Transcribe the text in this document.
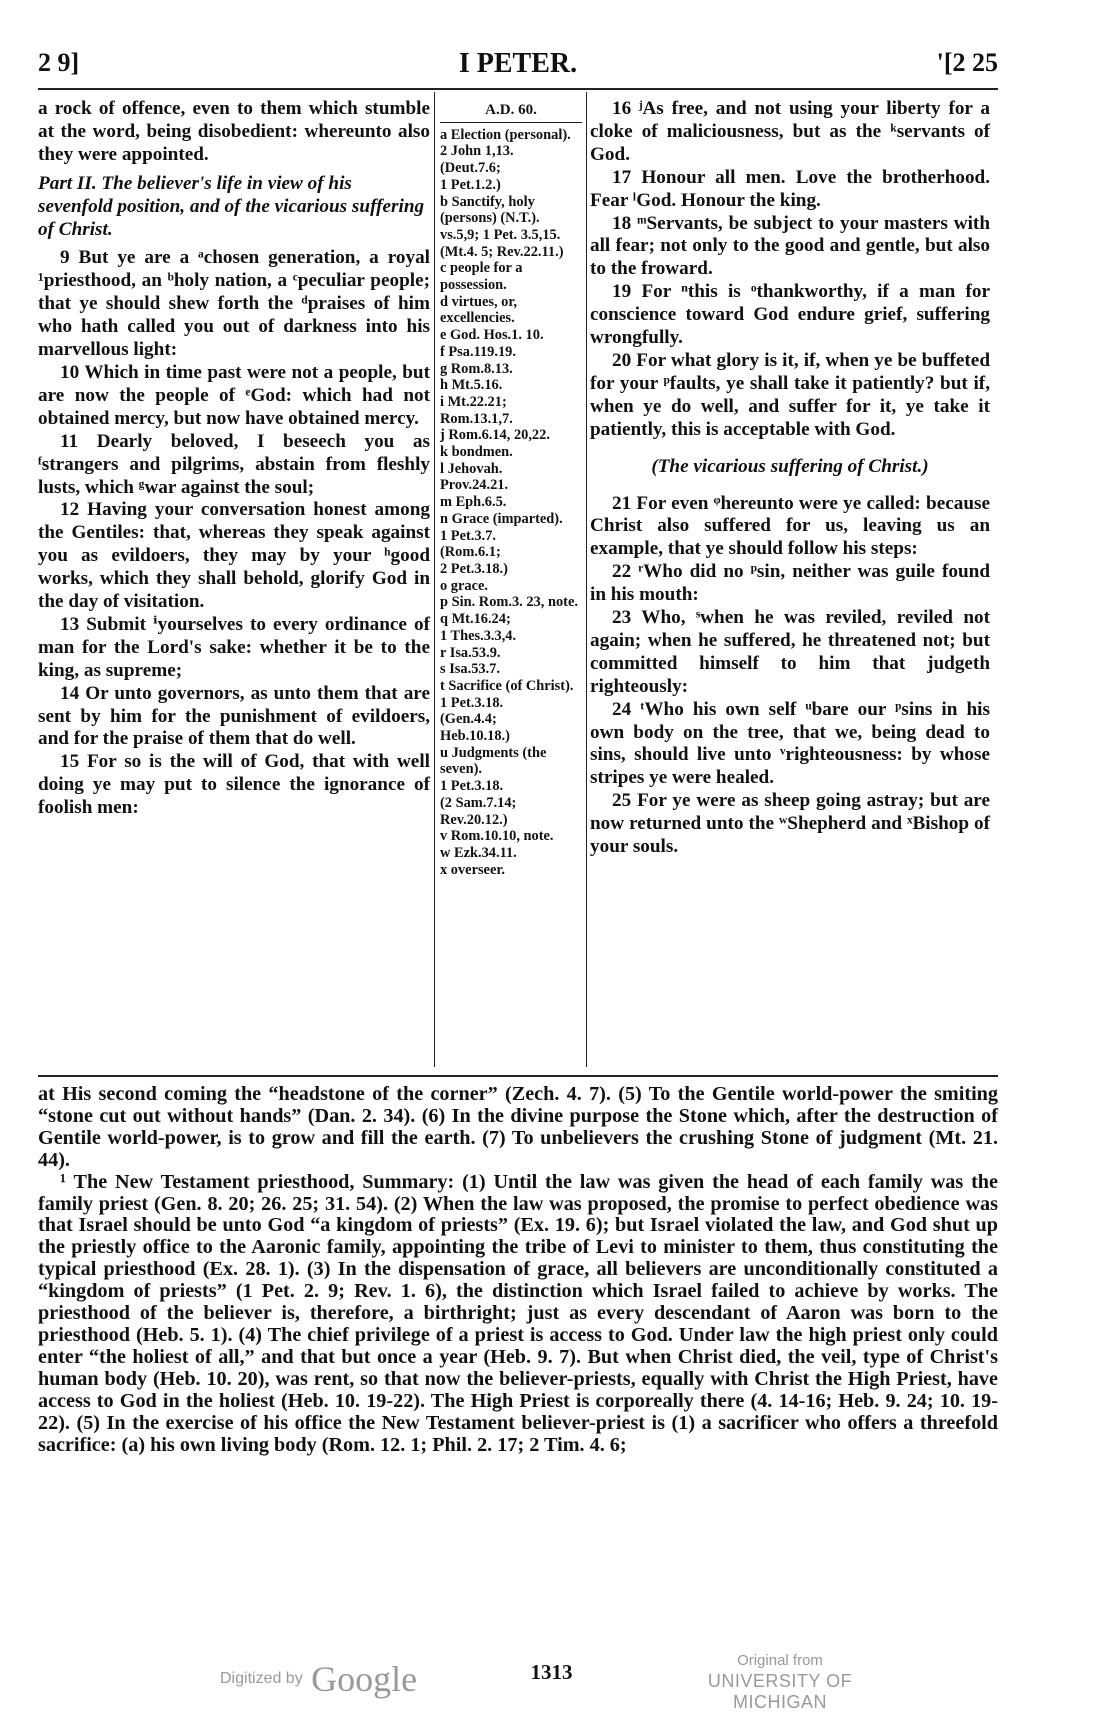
2 9]	I PETER.	'[2 25

a rock of offence, even to them which stumble at the word, being disobedient: whereunto also they were appointed.

Part II. The believer's life in view of his sevenfold position, and of the vicarious suffering of Christ.

9 But ye are a ᵃchosen generation, a royal ¹priesthood, an ᵇholy nation, a ᶜpeculiar people; that ye should shew forth the ᵈpraises of him who hath called you out of darkness into his marvellous light:

10 Which in time past were not a people, but are now the people of ᵉGod: which had not obtained mercy, but now have obtained mercy.

11 Dearly beloved, I beseech you as ᶠstrangers and pilgrims, abstain from fleshly lusts, which ᵍwar against the soul;

12 Having your conversation honest among the Gentiles: that, whereas they speak against you as evildoers, they may by your ʰgood works, which they shall behold, glorify God in the day of visitation.

13 Submit ⁱyourselves to every ordinance of man for the Lord's sake: whether it be to the king, as supreme;

14 Or unto governors, as unto them that are sent by him for the punishment of evildoers, and for the praise of them that do well.

15 For so is the will of God, that with well doing ye may put to silence the ignorance of foolish men:

A.D. 60.
a Election (personal).
2 John 1,13.
(Deut.7.6;
1 Pet.1.2.)
b Sanctify, holy (persons) (N.T.).
vs.5,9; 1 Pet. 3.5,15. (Mt.4. 5; Rev.22.11.)
c people for a possession.
d virtues, or, excellencies.
e God. Hos.1. 10.
f Psa.119.19.
g Rom.8.13.
h Mt.5.16.
i Mt.22.21;
Rom.13.1,7.
j Rom.6.14, 20,22.
k bondmen.
l Jehovah.
Prov.24.21.
m Eph.6.5.
n Grace (imparted).
1 Pet.3.7.
(Rom.6.1;
2 Pet.3.18.)
o grace.
p Sin. Rom.3. 23, note.
q Mt.16.24;
1 Thes.3.3,4.
r Isa.53.9.
s Isa.53.7.
t Sacrifice (of Christ).
1 Pet.3.18.
(Gen.4.4;
Heb.10.18.)
u Judgments (the seven).
1 Pet.3.18.
(2 Sam.7.14;
Rev.20.12.)
v Rom.10.10, note.
w Ezk.34.11.
x overseer.

16 ʲAs free, and not using your liberty for a cloke of maliciousness, but as the ᵏservants of God.

17 Honour all men. Love the brotherhood. Fear ˡGod. Honour the king.

18 ᵐServants, be subject to your masters with all fear; not only to the good and gentle, but also to the froward.

19 For ⁿthis is ᵒthankworthy, if a man for conscience toward God endure grief, suffering wrongfully.

20 For what glory is it, if, when ye be buffeted for your ᵖfaults, ye shall take it patiently? but if, when ye do well, and suffer for it, ye take it patiently, this is acceptable with God.

(The vicarious suffering of Christ.)

21 For even ᵠhereunto were ye called: because Christ also suffered for us, leaving us an example, that ye should follow his steps:

22 ʳWho did no ᵖsin, neither was guile found in his mouth:

23 Who, ˢwhen he was reviled, reviled not again; when he suffered, he threatened not; but committed himself to him that judgeth righteously:

24 ᵗWho his own self ᵘbare our ᵖsins in his own body on the tree, that we, being dead to sins, should live unto ᵛrighteousness: by whose stripes ye were healed.

25 For ye were as sheep going astray; but are now returned unto the ʷShepherd and ˣBishop of your souls.

at His second coming the “headstone of the corner” (Zech. 4. 7). (5) To the Gentile world-power the smiting “stone cut out without hands” (Dan. 2. 34). (6) In the divine purpose the Stone which, after the destruction of Gentile world-power, is to grow and fill the earth. (7) To unbelievers the crushing Stone of judgment (Mt. 21. 44).

¹ The New Testament priesthood, Summary: (1) Until the law was given the head of each family was the family priest (Gen. 8. 20; 26. 25; 31. 54). (2) When the law was proposed, the promise to perfect obedience was that Israel should be unto God “a kingdom of priests” (Ex. 19. 6); but Israel violated the law, and God shut up the priestly office to the Aaronic family, appointing the tribe of Levi to minister to them, thus constituting the typical priesthood (Ex. 28. 1). (3) In the dispensation of grace, all believers are unconditionally constituted a “kingdom of priests” (1 Pet. 2. 9; Rev. 1. 6), the distinction which Israel failed to achieve by works. The priesthood of the believer is, therefore, a birthright; just as every descendant of Aaron was born to the priesthood (Heb. 5. 1). (4) The chief privilege of a priest is access to God. Under law the high priest only could enter “the holiest of all,” and that but once a year (Heb. 9. 7). But when Christ died, the veil, type of Christ's human body (Heb. 10. 20), was rent, so that now the believer-priests, equally with Christ the High Priest, have access to God in the holiest (Heb. 10. 19-22). The High Priest is corporeally there (4. 14-16; Heb. 9. 24; 10. 19-22). (5) In the exercise of his office the New Testament believer-priest is (1) a sacrificer who offers a threefold sacrifice: (a) his own living body (Rom. 12. 1; Phil. 2. 17; 2 Tim. 4. 6;

1313
Digitized by Google	Original from
UNIVERSITY OF MICHIGAN
